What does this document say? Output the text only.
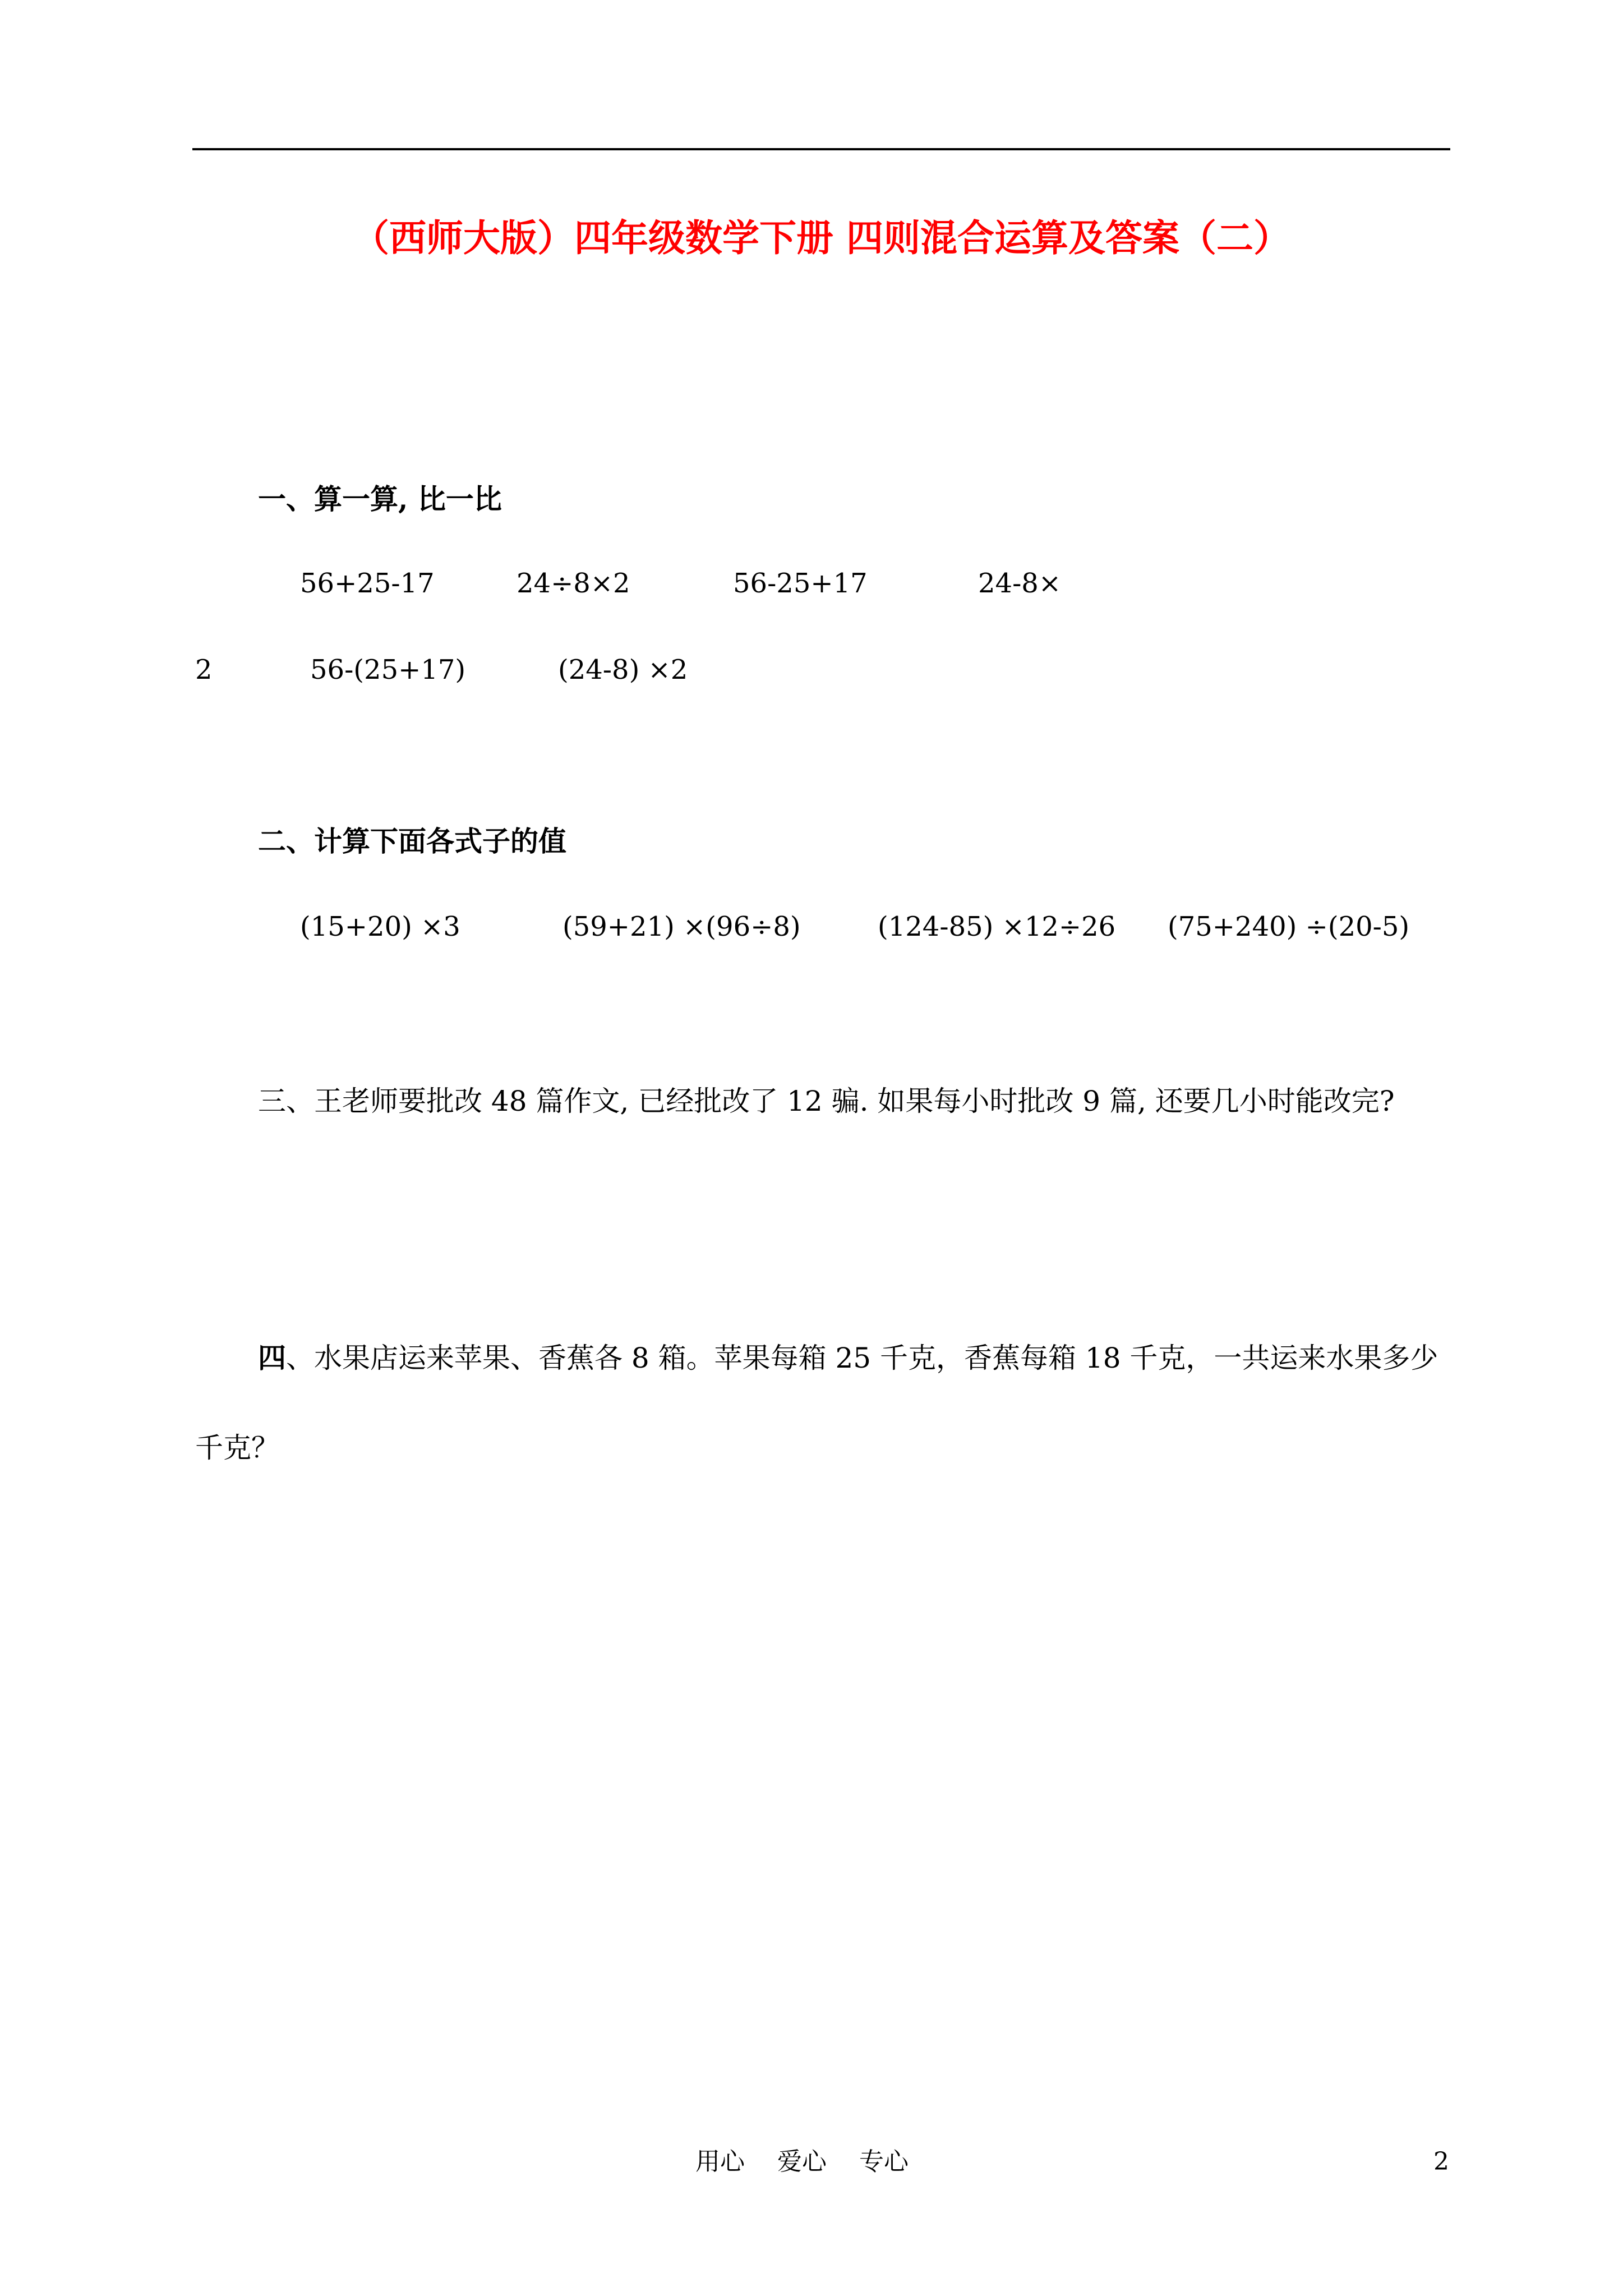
（西师大版）四年级数学下册 四则混合运算及答案（二）
一、算一算, 比一比
56+25-17	24÷8×2	56-25+17	24-8×
2	56-(25+17)	(24-8) ×2
二、计算下面各式子的值
(15+20) ×3	(59+21) ×(96÷8)	(124-85) ×12÷26 (75+240) ÷(20-5)
三、王老师要批改 48 篇作文, 已经批改了 12 骗. 如果每小时批改 9 篇, 还要几小时能改完?
四、水果店运来苹果、香蕉各 8 箱。苹果每箱 25 千克，香蕉每箱 18 千克，一共运来水果多少
千克？
用心 爱心 专心	2
